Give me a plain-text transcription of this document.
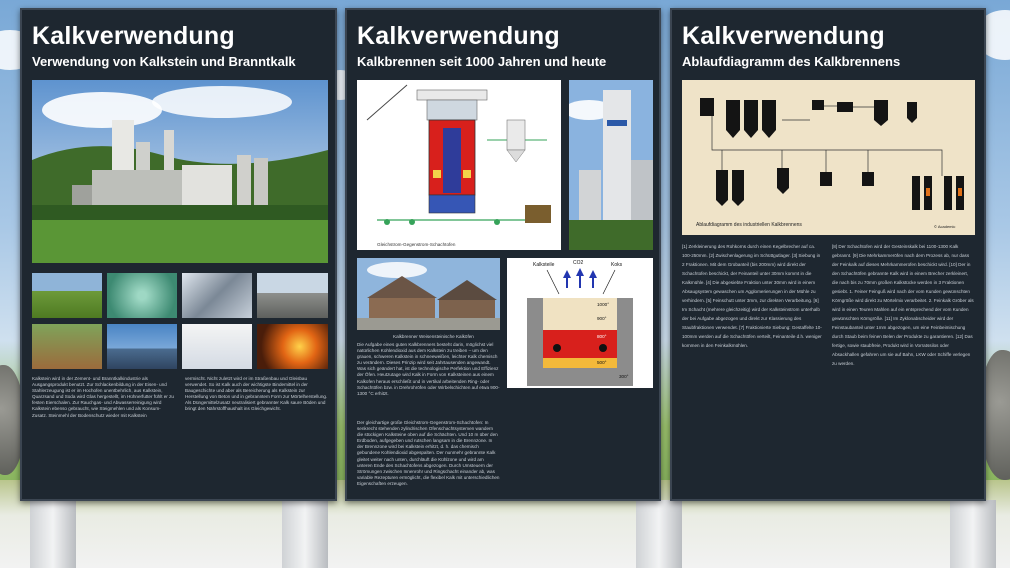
Kalkverwendung
Verwendung von Kalkstein und Branntkalk
Kalkstein wird in der Zement- und Branntkalkindustrie als Ausgangsprodukt benutzt. Zur Schlackenbildung in der Eisen- und Stahlerzeugung ist er im Hochofen unentbehrlich, aus Kalkstein, Quarzsand und Soda wird Glas hergestellt, im Hühnerfutter fühlt er zu festen Eierschalen. Zur Rauchgas- und Abwasserreinigung wird Kalkstein ebenso gebraucht, wie Steigmehlen und als Konsum-Zusatz. Steinmehl der Bodenschutz wieder mit Kalkstein
vermischt. Nicht zuletzt wird er im Straßenbau und Gleisbau verwendet. So ist Kalk auch der wichtigste Bindemittel in der Baugeschichte und aber als Bereicherung als Kalkstein zur Herstellung von Beton und in gebranntem Form zur Mörtelherstellung. Als Düngemittelzusatz neutralisiert gebrannter Kalk saure Böden und bringt den Nährstoffhaushalt ins Gleichgewicht.
Kalkverwendung
Kalkbrennen seit 1000 Jahren und heute
Gleichstrom-Gegenstrom-Schachtofen
Kalkbrenner Weisensteinische Kalköfen
Kalksteile	Koks
CO2
1000°
900°
800°
500°
300°
Die Aufgabe eines guten Kalkbrenners besteht darin, möglichst viel natürlichen Kohlendioxid aus dem Kalkstein zu treiben – um den grauen, schweren Kalkstein in schneeweißen, leichter Kalk chemisch zu verändern. Dieses Prinzip wird seit Jahrtausenden angewandt. Was sich geändert hat, ist die technologische Perfektion und Effizienz der Öfen. Heutzutage wird Kalk in Form von Kalksteinen aus einem Kalkofen heraus erschließt und in vertikal arbeitenden Ring- oder Schachtöfen bzw. in Drehrohröfen oder Wirbelschichten auf etwa 900-1300 °C erhitzt.
Der gleichartige große Gleichstrom-Gegenstrom-Schachtofen: In senkrecht stehenden zylindrischen Ofenschachtsystemen wandern die stückigen Kalksteine oben auf die Schächten. Und 10 m über den Erdboden, aufgegeben und rutschen langsam in die Brennzone. In der Brennzone wird bei Kalkstein erhitzt, d. h. das chemisch gebundene Kohlendioxid abgespalten. Der nunmehr gebrannte Kalk gleitet weiter nach unten, durchläuft die Kühlzone und wird am unteren Ende des Schachtofens abgezogen. Durch Umsteuern der Strömungen zwischen Innenrohr und Ringschacht einander ab, was variable Rezepturen ermöglicht, die flexibel Kalk mit unterschiedlichen Eigenschaften erzeugen.
Kalkverwendung
Ablaufdiagramm des Kalkbrennens
Ablaufdiagramm des industriellen Kalkbrennens	© Academic
[1] Zerkleinerung des Rohkorns durch einen Kegelbrecher auf ca. 100-250mm. [2] Zwischenlagerung im Schüttgutlager. [3] Siebung in 2 Fraktionen. Mit dem Grobanteil (bis 200mm) wird direkt der Schachtofen beschickt, der Feinanteil unter 30mm kommt in die Kalkmühle. [4] Die abgesiebte Fraktion unter 30mm wird in einem Absaugsystem gewaschen um Agglomerierungen in der Mühle zu verhindern. [5] Feinschutt unter 3mm, zur direkten Verarbeitung. [6] Im Schacht (mehrere gleichzeitig) wird der Kalksteinstrom unterhalb der bei Aufgabe abgezogen und direkt zur Klassierung des Staubfraktionen verwendet. [7] Fraktionierte Siebung: Gestaffelte 10-100mm werden auf die Schachtöfen verteilt, Feinanteile d.h. weniger kommen in den Feinkalkmühlen.
[8] Der Schachtofen wird der Gesteinskalk bei 1100-1300 Kalk gebrannt. [9] Die Mehrkammeröfen nach dem Prozess ab, nur dass der Feinkalk auf dieses Mehrkammerofen beschickt wird. [10] Der in den Schachtöfen gebrannte Kalk wird in einem Brecher zerkleinert, die nach bis zu 70mm großen Kalkstücke werden in 3 Fraktionen gesiebt. 1. Feiner Feinguß wird nach der vom Kunden gewünschten Körngröße wird direkt zu Mörtelmix verarbeitet. 2. Feinkalk Gröber als wird in einen Teuren Mahlen auf ein entsprechend der vom Kunden gewünschten Körngröße. [11] Im Zyklonabscheider wird der Feinstaubanteil unter 1mm abgezogen, um eine Feinbeimischung durch Staub beim feinen Belen der Produkte zu garantieren. [12] Das fertige, sowie staubfreie, Produkt wird in Vorratssilos oder Absackhallen gefahren um sie auf Bahn, LKW oder Schiffe verlegen zu werden.
